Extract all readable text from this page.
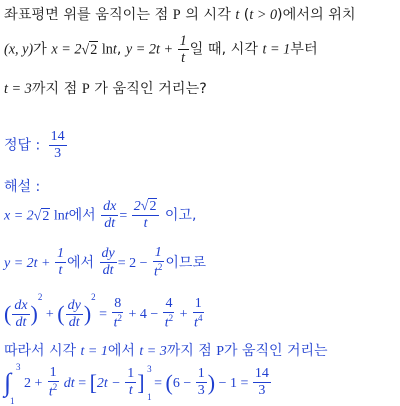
좌표평면 위를 움직이는 점 P 의 시각 t (t > 0)에서의 위치
(x, y)가 x = 2√2 lnt, $y = 2t + \frac{1}{t}$ 일 때, 시각 t = 1부터
t = 3까지 점 P 가 움직인 거리는?
정답 : $\frac{14}{3}$
해설 :
x = 2√2 lnt에서 $\frac{dx}{dt} = \frac{2√2}{t}$ 이고,
$y = 2t + \frac{1}{t}$ 에서 $\frac{dy}{dt} = 2 - \frac{1}{t^2}$ 이므로
( $\frac{dx}{dt} )^2$ + ( $\frac{dy}{dt} )^2 = \frac{8}{t^2} + 4 - \frac{4}{t^2} + \frac{1}{t^4}$
따라서 시각 t = 1에서 t = 3까지 점 P가 움직인 거리는
∫
3
1
$2 + \frac{1}{t^2}$ dt = [$2t - \frac{1}{t}$ ]
3
1
= ($6 - \frac{1}{3}$ ) − $1 = \frac{14}{3}$
